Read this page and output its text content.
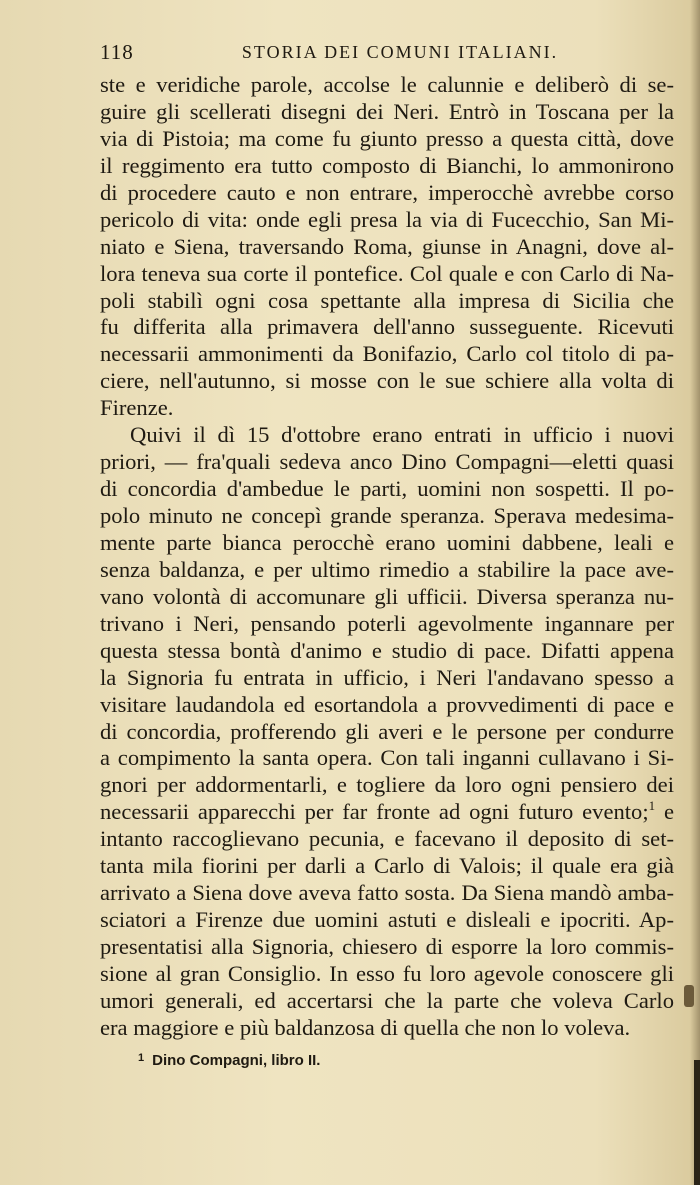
118	STORIA DEI COMUNI ITALIANI.
ste e veridiche parole, accolse le calunnie e deliberò di se-
guire gli scellerati disegni dei Neri. Entrò in Toscana per la
via di Pistoia; ma come fu giunto presso a questa città, dove
il reggimento era tutto composto di Bianchi, lo ammonirono
di procedere cauto e non entrare, imperocchè avrebbe corso
pericolo di vita: onde egli presa la via di Fucecchio, San Mi-
niato e Siena, traversando Roma, giunse in Anagni, dove al-
lora teneva sua corte il pontefice. Col quale e con Carlo di Na-
poli stabilì ogni cosa spettante alla impresa di Sicilia che
fu differita alla primavera dell'anno susseguente. Ricevuti
necessarii ammonimenti da Bonifazio, Carlo col titolo di pa-
ciere, nell'autunno, si mosse con le sue schiere alla volta di
Firenze.
Quivi il dì 15 d'ottobre erano entrati in ufficio i nuovi
priori, — fra'quali sedeva anco Dino Compagni—eletti quasi
di concordia d'ambedue le parti, uomini non sospetti. Il po-
polo minuto ne concepì grande speranza. Sperava medesima-
mente parte bianca perocchè erano uomini dabbene, leali e
senza baldanza, e per ultimo rimedio a stabilire la pace ave-
vano volontà di accomunare gli ufficii. Diversa speranza nu-
trivano i Neri, pensando poterli agevolmente ingannare per
questa stessa bontà d'animo e studio di pace. Difatti appena
la Signoria fu entrata in ufficio, i Neri l'andavano spesso a
visitare laudandola ed esortandola a provvedimenti di pace e
di concordia, profferendo gli averi e le persone per condurre
a compimento la santa opera. Con tali inganni cullavano i Si-
gnori per addormentarli, e togliere da loro ogni pensiero dei
necessarii apparecchi per far fronte ad ogni futuro evento;$^1$ e
intanto raccoglievano pecunia, e facevano il deposito di set-
tanta mila fiorini per darli a Carlo di Valois; il quale era già
arrivato a Siena dove aveva fatto sosta. Da Siena mandò amba-
sciatori a Firenze due uomini astuti e disleali e ipocriti. Ap-
presentatisi alla Signoria, chiesero di esporre la loro commis-
sione al gran Consiglio. In esso fu loro agevole conoscere gli
umori generali, ed accertarsi che la parte che voleva Carlo
era maggiore e più baldanzosa di quella che non lo voleva.
$^1$ Dino Compagni, libro II.
